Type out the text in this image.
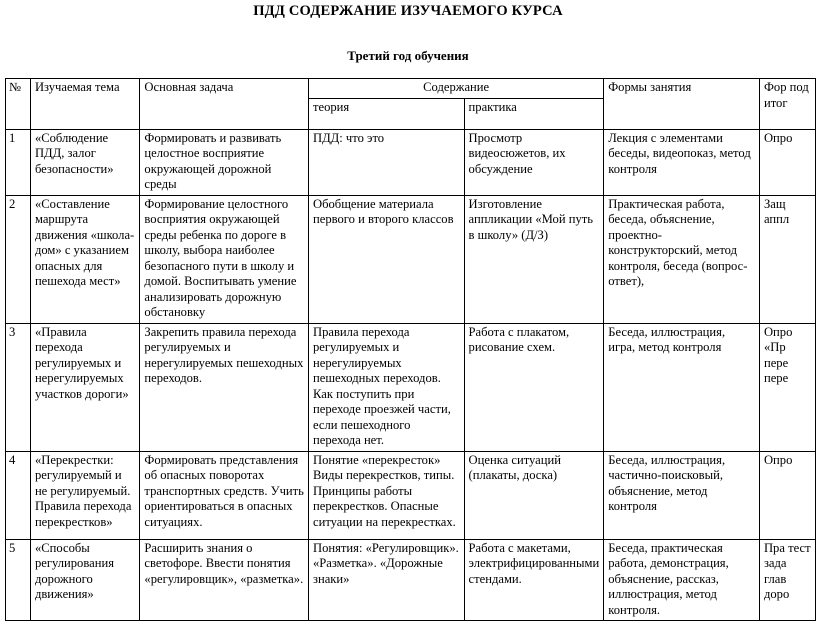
ПДД СОДЕРЖАНИЕ ИЗУЧАЕМОГО КУРСА
Третий год обучения
№	Изучаемая тема	Основная задача	Содержание		Формы занятия	Фор под итог
			теория	практика		
1	«Соблюдение ПДД, залог безопасности»	Формировать и развивать целостное восприятие окружающей дорожной среды	ПДД: что это	Просмотр видеосюжетов, их обсуждение	Лекция с элементами беседы, видеопоказ, метод контроля	Опро
2	«Составление маршрута движения «школа-дом» с указанием опасных для пешехода мест»	Формирование целостного восприятия окружающей среды ребенка по дороге в школу, выбора наиболее безопасного пути в школу и домой. Воспитывать умение анализировать дорожную обстановку	Обобщение материала первого и второго классов	Изготовление аппликации «Мой путь в школу» (Д/З)	Практическая работа, беседа, объяснение, проектно-конструкторский, метод контроля, беседа (вопрос-ответ),	Защ аппл
3	«Правила перехода регулируемых и нерегулируемых участков дороги»	Закрепить правила перехода регулируемых и нерегулируемых пешеходных переходов.	Правила перехода регулируемых и нерегулируемых пешеходных переходов. Как поступить при переходе проезжей части, если пешеходного перехода нет.	Работа с плакатом, рисование схем.	Беседа, иллюстрация, игра, метод контроля	Опро «Пр пере пере
4	«Перекрестки: регулируемый и не регулируемый. Правила перехода перекрестков»	Формировать представления об опасных поворотах транспортных средств. Учить ориентироваться в опасных ситуациях.	Понятие «перекресток» Виды перекрестков, типы. Принципы работы перекрестков. Опасные ситуации на перекрестках.	Оценка ситуаций (плакаты, доска)	Беседа, иллюстрация, частично-поисковый, объяснение, метод контроля	Опро
5	«Способы регулирования дорожного движения»	Расширить знания о светофоре. Ввести понятия «регулировщик», «разметка».	Понятия: «Регулировщик». «Разметка». «Дорожные знаки»	Работа с макетами, электрифицированными стендами.	Беседа, практическая работа, демонстрация, объяснение, рассказ, иллюстрация, метод контроля.	Пра тест зада глав доро
